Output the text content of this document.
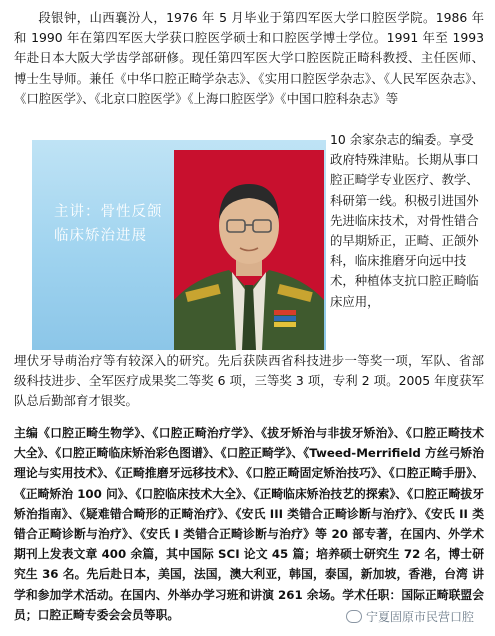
段银钟，山西襄汾人，1976 年 5 月毕业于第四军医大学口腔医学院。1986 年和 1990 年在第四军医大学获口腔医学硕士和口腔医学博士学位。1991 年至 1993 年赴日本大阪大学齿学部研修。现任第四军医大学口腔医院正畸科教授、主任医师、博士生导师。兼任《中华口腔正畸学杂志》、《实用口腔医学杂志》、《人民军医杂志》、《口腔医学》、《北京口腔医学》《上海口腔医学》《中国口腔科杂志》等

10 余家杂志的编委。享受政府特殊津贴。长期从事口腔正畸学专业医疗、教学、科研第一线。积极引进国外先进临床技术，对骨性错合的早期矫正，正畸、正颌外科，临床推磨牙向远中技术，种植体支抗口腔正畸临床应用，

主讲：骨性反颌临床矫治进展

埋伏牙导萌治疗等有较深入的研究。先后获陕西省科技进步一等奖一项，军队、省部级科技进步、全军医疗成果奖二等奖 6 项，三等奖 3 项，专利 2 项。2005 年度获军队总后勤部育才银奖。

主编《口腔正畸生物学》、《口腔正畸治疗学》、《拔牙矫治与非拔牙矫治》、《口腔正畸技术大全》、《口腔正畸临床矫治彩色图谱》、《口腔正畸学》、《Tweed-Merrifield 方丝弓矫治理论与实用技术》、《正畸推磨牙远移技术》、《口腔正畸固定矫治技巧》、《口腔正畸手册》、《正畸矫治 100 问》、《口腔临床技术大全》、《正畸临床矫治技艺的探索》、《口腔正畸拔牙矫治指南》、《疑难错合畸形的正畸治疗》、《安氏 III 类错合正畸诊断与治疗》、《安氏 II 类错合正畸诊断与治疗》、《安氏 I 类错合正畸诊断与治疗》等 20 部专著，在国内、外学术期刊上发表文章 400 余篇，其中国际 SCI 论文 45 篇；培养硕士研究生 72 名，博士研究生 36 名。先后赴日本，美国，法国，澳大利亚，韩国，泰国，新加坡，香港，台湾 讲学和参加学术活动。在国内、外举办学习班和讲演 261 余场。学术任职：国际正畸联盟会员；口腔正畸专委会会员等职。	宁夏固原市民营口腔
